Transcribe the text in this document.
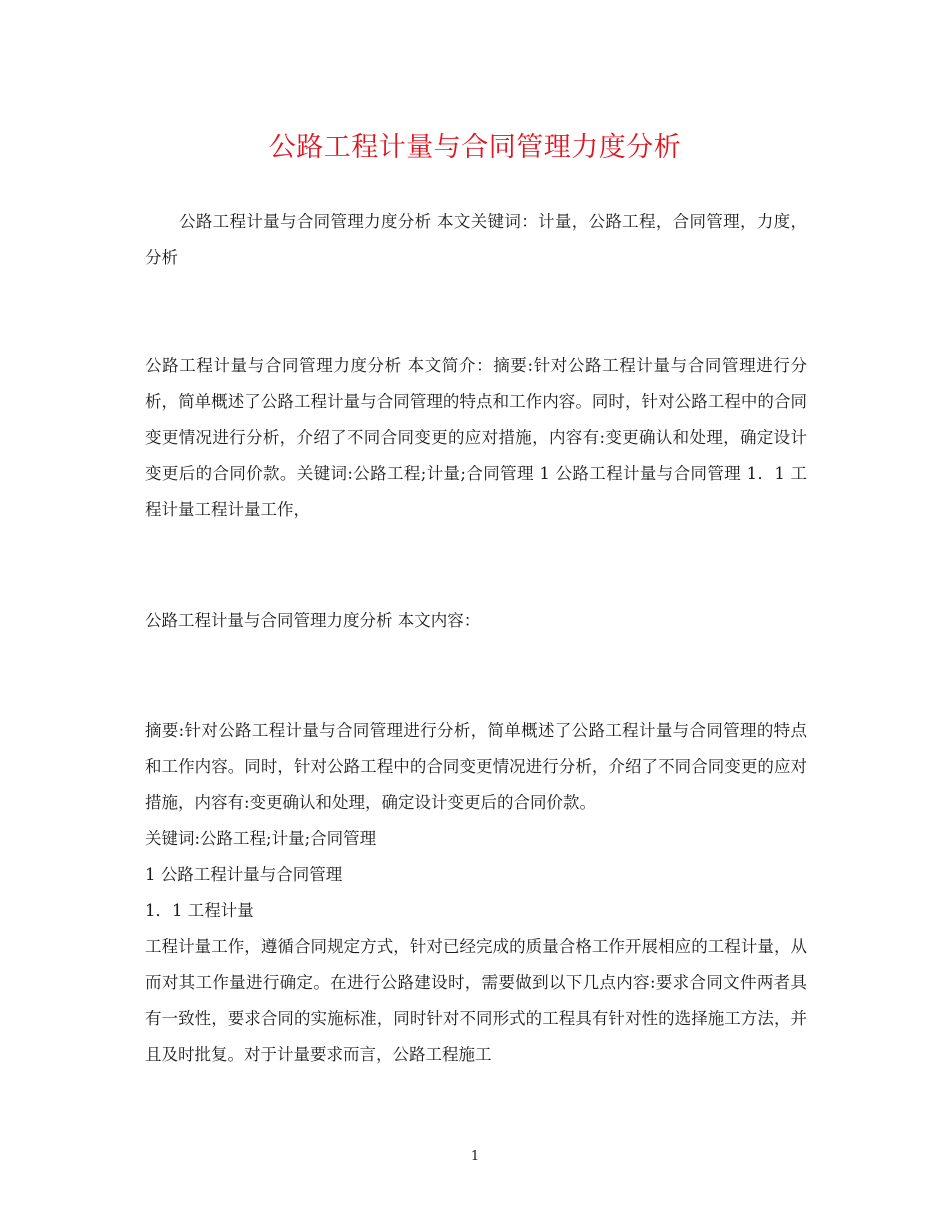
公路工程计量与合同管理力度分析

公路工程计量与合同管理力度分析 本文关键词：计量，公路工程，合同管理，力度，分析

公路工程计量与合同管理力度分析 本文简介：摘要:针对公路工程计量与合同管理进行分析，简单概述了公路工程计量与合同管理的特点和工作内容。同时，针对公路工程中的合同变更情况进行分析，介绍了不同合同变更的应对措施，内容有:变更确认和处理，确定设计变更后的合同价款。关键词:公路工程;计量;合同管理 1 公路工程计量与合同管理 1．1 工程计量工程计量工作，

公路工程计量与合同管理力度分析 本文内容：

摘要:针对公路工程计量与合同管理进行分析，简单概述了公路工程计量与合同管理的特点和工作内容。同时，针对公路工程中的合同变更情况进行分析，介绍了不同合同变更的应对措施，内容有:变更确认和处理，确定设计变更后的合同价款。

关键词:公路工程;计量;合同管理

1 公路工程计量与合同管理

1．1 工程计量

工程计量工作，遵循合同规定方式，针对已经完成的质量合格工作开展相应的工程计量，从而对其工作量进行确定。在进行公路建设时，需要做到以下几点内容:要求合同文件两者具有一致性，要求合同的实施标准，同时针对不同形式的工程具有针对性的选择施工方法，并且及时批复。对于计量要求而言，公路工程施工

1
